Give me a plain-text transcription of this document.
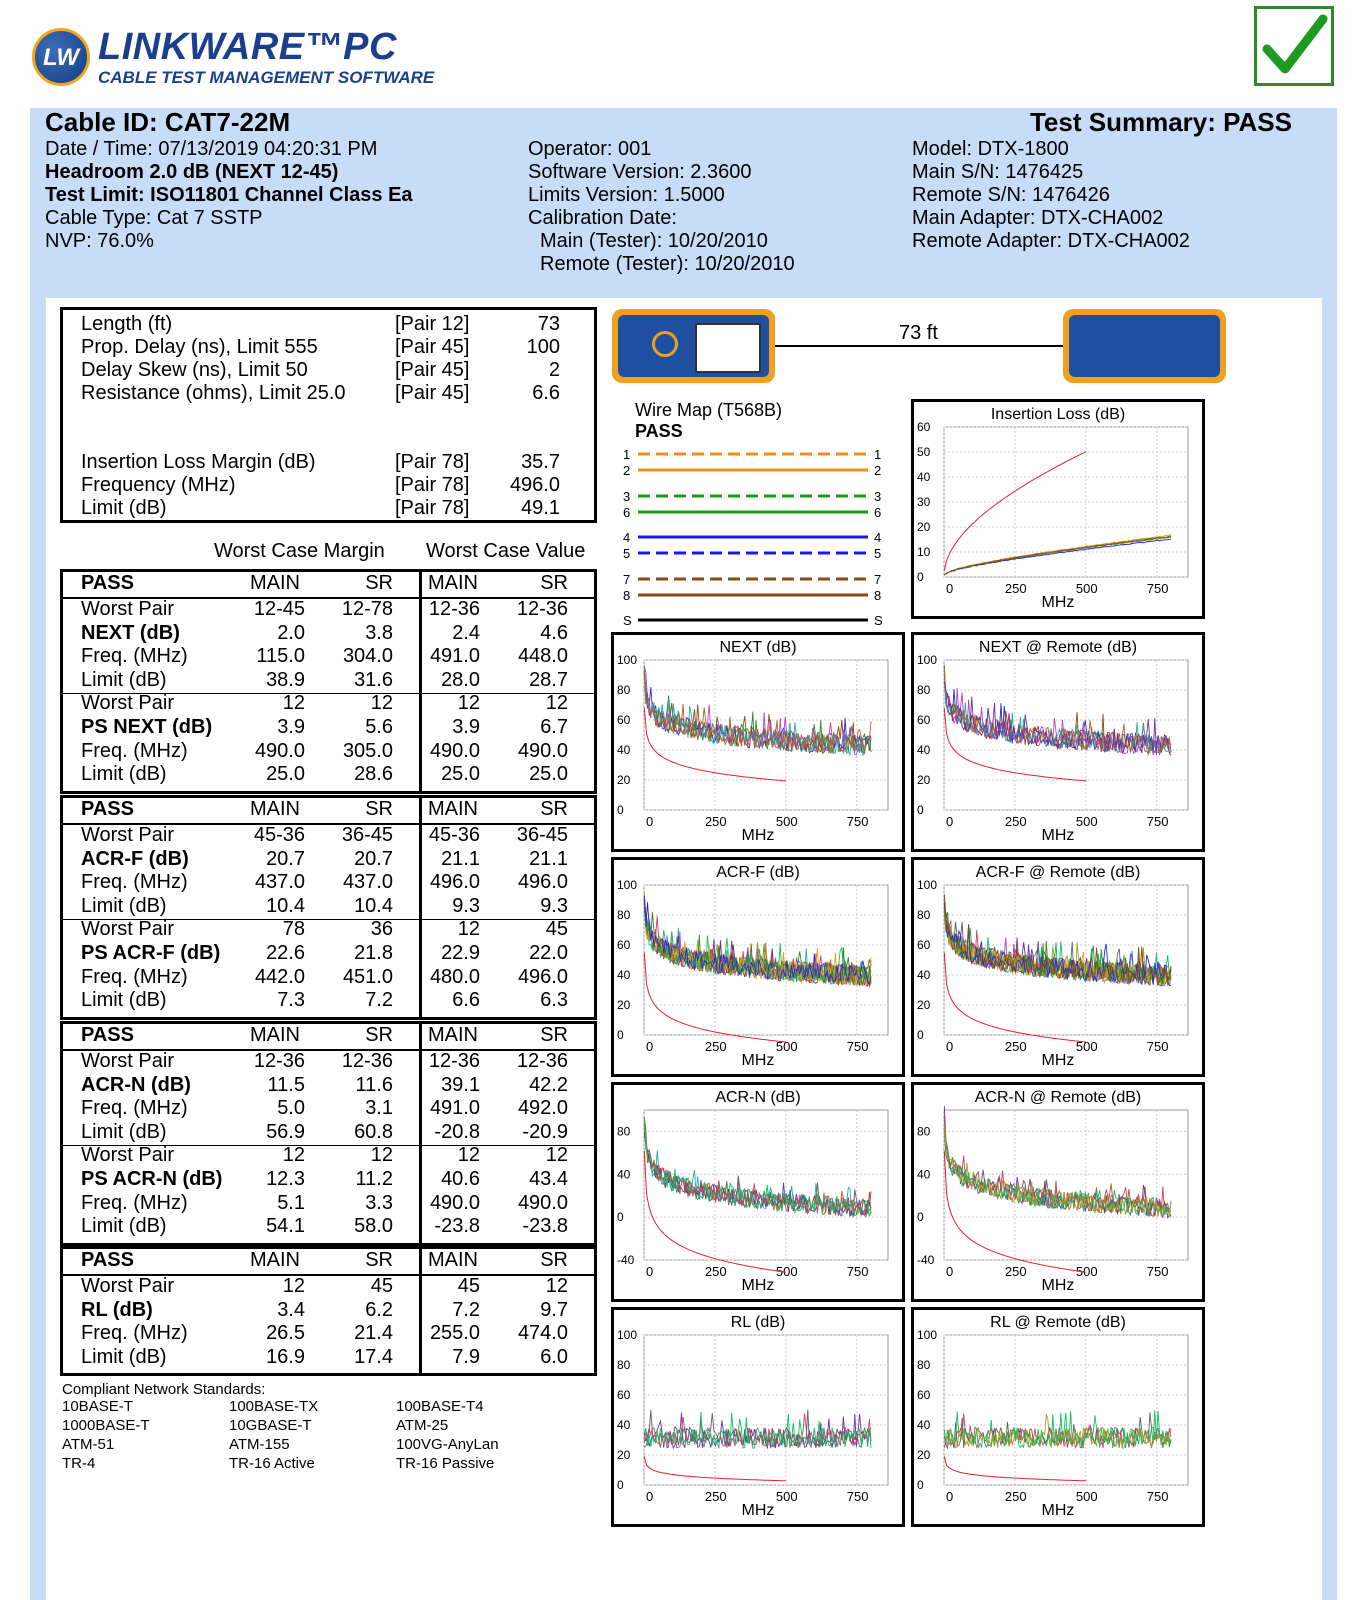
LW LINKWARE™PC
CABLE TEST MANAGEMENT SOFTWARE
Cable ID: CAT7-22M	Test Summary: PASS
Date / Time: 07/13/2019 04:20:31 PM
Headroom 2.0 dB (NEXT 12-45)
Test Limit: ISO11801 Channel Class Ea
Cable Type: Cat 7 SSTP
NVP: 76.0%
Operator: 001
Software Version: 2.3600
Limits Version: 1.5000
Calibration Date:
Main (Tester): 10/20/2010
Remote (Tester): 10/20/2010
Model: DTX-1800
Main S/N: 1476425
Remote S/N: 1476426
Main Adapter: DTX-CHA002
Remote Adapter: DTX-CHA002
Length (ft)	[Pair 12]	73
Prop. Delay (ns), Limit 555	[Pair 45]	100
Delay Skew (ns), Limit 50	[Pair 45]	2
Resistance (ohms), Limit 25.0 [Pair 45]	6.6
Insertion Loss Margin (dB)	[Pair 78]	35.7
Frequency (MHz)	[Pair 78]	496.0
Limit (dB)	[Pair 78]	49.1
Worst Case Margin Worst Case Value
PASS	MAIN	SR MAIN	SR
Worst Pair	12-45	12-78	12-36	12-36
NEXT (dB)	2.0	3.8	2.4	4.6
Freq. (MHz)	115.0	304.0	491.0	448.0
Limit (dB)	38.9	31.6	28.0	28.7
Worst Pair	12	12	12	12
PS NEXT (dB)	3.9	5.6	3.9	6.7
Freq. (MHz)	490.0	305.0	490.0	490.0
Limit (dB)	25.0	28.6	25.0	25.0
PASS	MAIN	SR MAIN	SR
Worst Pair	45-36	36-45	45-36	36-45
ACR-F (dB)	20.7	20.7	21.1	21.1
Freq. (MHz)	437.0	437.0	496.0	496.0
Limit (dB)	10.4	10.4	9.3	9.3
Worst Pair	78	36	12	45
PS ACR-F (dB)	22.6	21.8	22.9	22.0
Freq. (MHz)	442.0	451.0	480.0	496.0
Limit (dB)	7.3	7.2	6.6	6.3
PASS	MAIN	SR MAIN	SR
Worst Pair	12-36	12-36	12-36	12-36
ACR-N (dB)	11.5	11.6	39.1	42.2
Freq. (MHz)	5.0	3.1	491.0	492.0
Limit (dB)	56.9	60.8	-20.8	-20.9
Worst Pair	12	12	12	12
PS ACR-N (dB)	12.3	11.2	40.6	43.4
Freq. (MHz)	5.1	3.3	490.0	490.0
Limit (dB)	54.1	58.0	-23.8	-23.8
PASS	MAIN	SR MAIN	SR
Worst Pair	12	45	45	12
RL (dB)	3.4	6.2	7.2	9.7
Freq. (MHz)	26.5	21.4	255.0	474.0
Limit (dB)	16.9	17.4	7.9	6.0
Compliant Network Standards:
10BASE-T	100BASE-TX	100BASE-T4
1000BASE-T	10GBASE-T	ATM-25
ATM-51	ATM-155	100VG-AnyLan
TR-4	TR-16 Active	TR-16 Passive
73 ft
Wire Map (T568B)
PASS
1	1
2	2
3	3
6	6
4	4
5	5
7	7
8	8
S	S
Insertion Loss (dB)
MHz
0
10
20
30
40
50
60
0	250	500	750
NEXT (dB)
MHz
0
20
40
60
80
100
0	250	500	750
NEXT @ Remote (dB)
MHz
0
20
40
60
80
100
0	250	500	750
ACR-F (dB)
MHz
0
20
40
60
80
100
0	250	500	750
ACR-F @ Remote (dB)
MHz
0
20
40
60
80
100
0	250	500	750
ACR-N (dB)
MHz
-40
0
40
80
0	250	500	750
ACR-N @ Remote (dB)
MHz
-40
0
40
80
0	250	500	750
RL (dB)
MHz
0
20
40
60
80
100
0	250	500	750
RL @ Remote (dB)
MHz
0
20
40
60
80
100
0	250	500	750
